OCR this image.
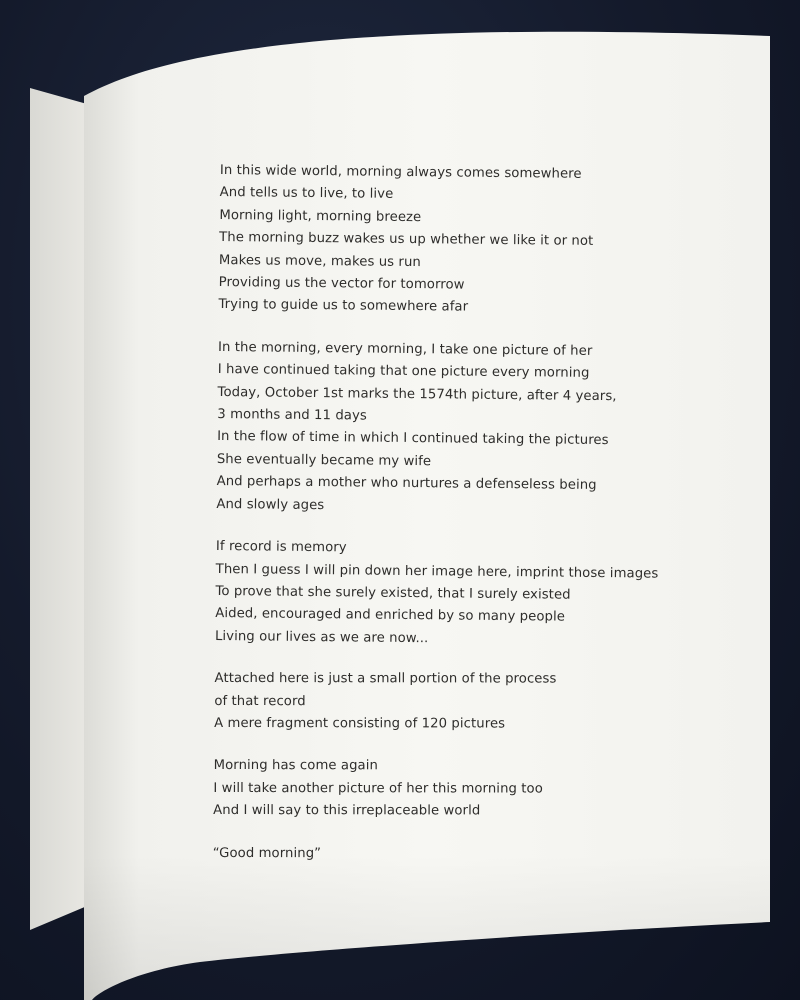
In this wide world, morning always comes somewhere
And tells us to live, to live
Morning light, morning breeze
The morning buzz wakes us up whether we like it or not
Makes us move, makes us run
Providing us the vector for tomorrow
Trying to guide us to somewhere afar
In the morning, every morning, I take one picture of her
I have continued taking that one picture every morning
Today, October 1st marks the 1574th picture, after 4 years,
3 months and 11 days
In the flow of time in which I continued taking the pictures
She eventually became my wife
And perhaps a mother who nurtures a defenseless being
And slowly ages
If record is memory
Then I guess I will pin down her image here, imprint those images
To prove that she surely existed, that I surely existed
Aided, encouraged and enriched by so many people
Living our lives as we are now...
Attached here is just a small portion of the process
of that record
A mere fragment consisting of 120 pictures
Morning has come again
I will take another picture of her this morning too
And I will say to this irreplaceable world
“Good morning”
